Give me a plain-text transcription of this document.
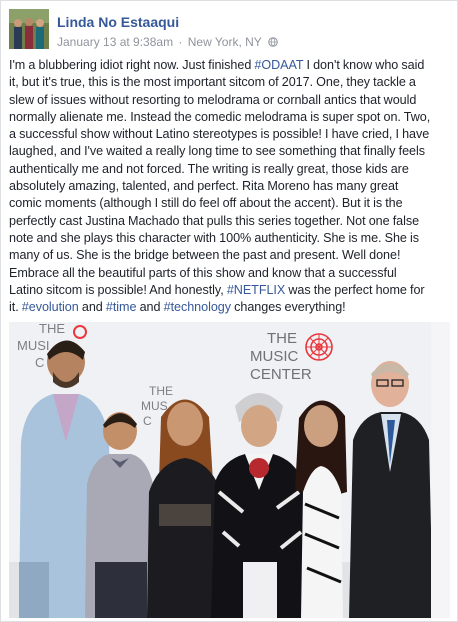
Linda No Estaaqui
January 13 at 9:38am · New York, NY
I'm a blubbering idiot right now. Just finished #ODAAT I don't know who said
it, but it's true, this is the most important sitcom of 2017. One, they tackle a
slew of issues without resorting to melodrama or cornball antics that would
normally alienate me. Instead the comedic melodrama is super spot on. Two,
a successful show without Latino stereotypes is possible! I have cried, I have
laughed, and I've waited a really long time to see something that finally feels
authentically me and not forced. The writing is really great, those kids are
absolutely amazing, talented, and perfect. Rita Moreno has many great
comic moments (although I still do feel off about the accent). But it is the
perfectly cast Justina Machado that pulls this series together. Not one false
note and she plays this character with 100% authenticity. She is me. She is
many of us. She is the bridge between the past and present. Well done!
Embrace all the beautiful parts of this show and know that a successful
Latino sitcom is possible! And honestly, #NETFLIX was the perfect home for
it. #evolution and #time and #technology changes everything!
THE
MUSI
C
THE
MUSIC
CENTER
THE
MUS
C
